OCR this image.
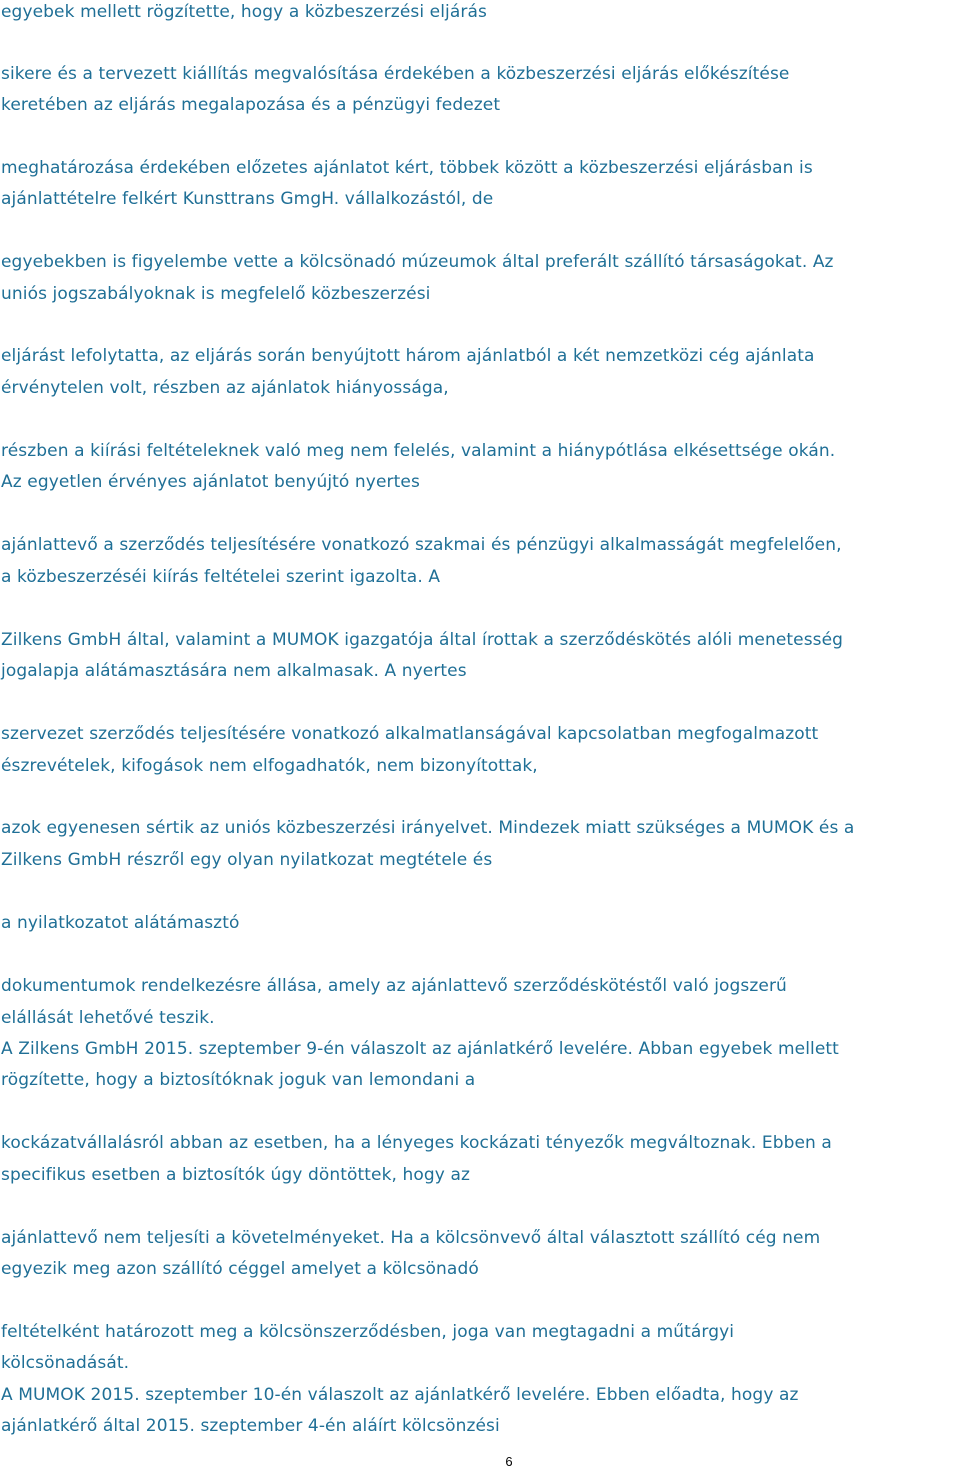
egyebek mellett rögzítette, hogy a közbeszerzési eljárás
sikere és a tervezett kiállítás megvalósítása érdekében a közbeszerzési eljárás előkészítése
keretében az eljárás megalapozása és a pénzügyi fedezet
meghatározása érdekében előzetes ajánlatot kért, többek között a közbeszerzési eljárásban is
ajánlattételre felkért Kunsttrans GmgH. vállalkozástól, de
egyebekben is figyelembe vette a kölcsönadó múzeumok által preferált szállító társaságokat. Az
uniós jogszabályoknak is megfelelő közbeszerzési
eljárást lefolytatta, az eljárás során benyújtott három ajánlatból a két nemzetközi cég ajánlata
érvénytelen volt, részben az ajánlatok hiányossága,
részben a kiírási feltételeknek való meg nem felelés, valamint a hiánypótlása elkésettsége okán.
Az egyetlen érvényes ajánlatot benyújtó nyertes
ajánlattevő a szerződés teljesítésére vonatkozó szakmai és pénzügyi alkalmasságát megfelelően,
a közbeszerzéséi kiírás feltételei szerint igazolta. A
Zilkens GmbH által, valamint a MUMOK igazgatója által írottak a szerződéskötés alóli menetesség
jogalapja alátámasztására nem alkalmasak. A nyertes
szervezet szerződés teljesítésére vonatkozó alkalmatlanságával kapcsolatban megfogalmazott
észrevételek, kifogások nem elfogadhatók, nem bizonyítottak,
azok egyenesen sértik az uniós közbeszerzési irányelvet. Mindezek miatt szükséges a MUMOK és a
Zilkens GmbH részről egy olyan nyilatkozat megtétele és
a nyilatkozatot alátámasztó
dokumentumok rendelkezésre állása, amely az ajánlattevő szerződéskötéstől való jogszerű
elállását lehetővé teszik.
A Zilkens GmbH 2015. szeptember 9-én válaszolt az ajánlatkérő levelére. Abban egyebek mellett
rögzítette, hogy a biztosítóknak joguk van lemondani a
kockázatvállalásról abban az esetben, ha a lényeges kockázati tényezők megváltoznak. Ebben a
specifikus esetben a biztosítók úgy döntöttek, hogy az
ajánlattevő nem teljesíti a követelményeket. Ha a kölcsönvevő által választott szállító cég nem
egyezik meg azon szállító céggel amelyet a kölcsönadó
feltételként határozott meg a kölcsönszerződésben, joga van megtagadni a műtárgyi
kölcsönadását.
A MUMOK 2015. szeptember 10-én válaszolt az ajánlatkérő levelére. Ebben előadta, hogy az
ajánlatkérő által 2015. szeptember 4-én aláírt kölcsönzési
6
